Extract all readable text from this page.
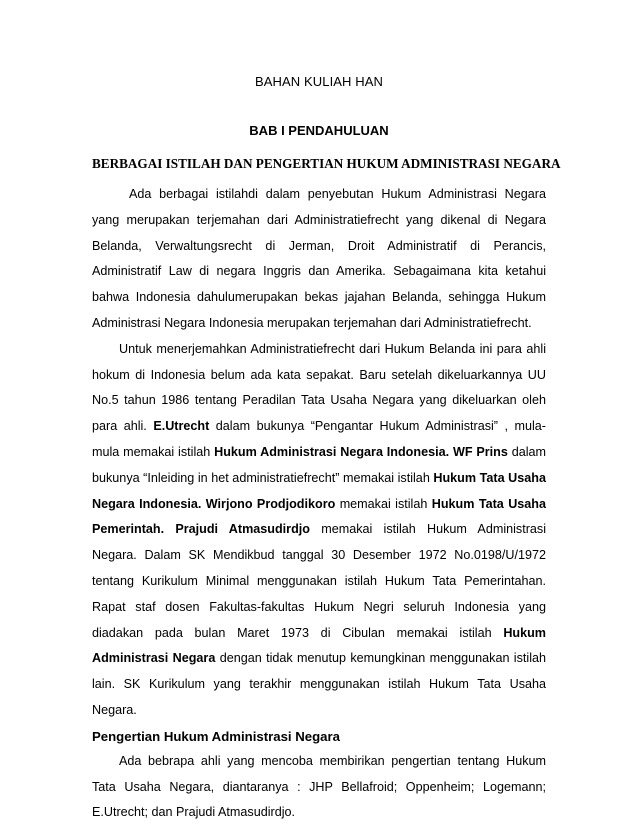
BAHAN KULIAH HAN
BAB I PENDAHULUAN
BERBAGAI ISTILAH DAN PENGERTIAN HUKUM ADMINISTRASI NEGARA

Ada berbagai istilahdi dalam penyebutan Hukum Administrasi Negara yang merupakan terjemahan dari Administratiefrecht yang dikenal di Negara Belanda, Verwaltungsrecht di Jerman, Droit Administratif di Perancis, Administratif Law di negara Inggris dan Amerika. Sebagaimana kita ketahui bahwa Indonesia dahulumerupakan bekas jajahan Belanda, sehingga Hukum Administrasi Negara Indonesia merupakan terjemahan dari Administratiefrecht.

Untuk menerjemahkan Administratiefrecht dari Hukum Belanda ini para ahli hokum di Indonesia belum ada kata sepakat. Baru setelah dikeluarkannya UU No.5 tahun 1986 tentang Peradilan Tata Usaha Negara yang dikeluarkan oleh para ahli. E.Utrecht dalam bukunya “Pengantar Hukum Administrasi” , mula-mula memakai istilah Hukum Administrasi Negara Indonesia. WF Prins dalam bukunya “Inleiding in het administratiefrecht” memakai istilah Hukum Tata Usaha Negara Indonesia. Wirjono Prodjodikoro memakai istilah Hukum Tata Usaha Pemerintah. Prajudi Atmasudirdjo memakai istilah Hukum Administrasi Negara. Dalam SK Mendikbud tanggal 30 Desember 1972 No.0198/U/1972 tentang Kurikulum Minimal menggunakan istilah Hukum Tata Pemerintahan. Rapat staf dosen Fakultas-fakultas Hukum Negri seluruh Indonesia yang diadakan pada bulan Maret 1973 di Cibulan memakai istilah Hukum Administrasi Negara dengan tidak menutup kemungkinan menggunakan istilah lain. SK Kurikulum yang terakhir menggunakan istilah Hukum Tata Usaha Negara.

Pengertian Hukum Administrasi Negara

Ada bebrapa ahli yang mencoba membirikan pengertian tentang Hukum Tata Usaha Negara, diantaranya : JHP Bellafroid; Oppenheim; Logemann; E.Utrecht; dan Prajudi Atmasudirdjo.
